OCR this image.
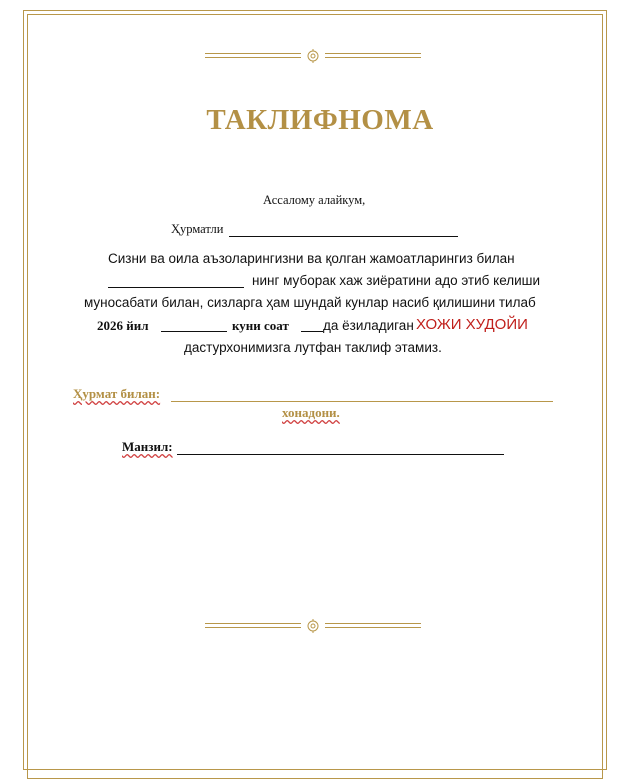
ТАКЛИФНОМА
Ассалому алайкум,
Ҳурматли
Сизни ва оила аъзоларингизни ва қолган жамоатларингиз билан
нинг муборак хаж зиёратини адо этиб келиши
муносабати билан, сизларга ҳам шундай кунлар насиб қилишини тилаб
2026 йил	куни соат	да ёзиладиган ХОЖИ ХУДОЙИ
дастурхонимизга лутфан таклиф этамиз.
Ҳурмат билан:
хонадони.
Манзил:
